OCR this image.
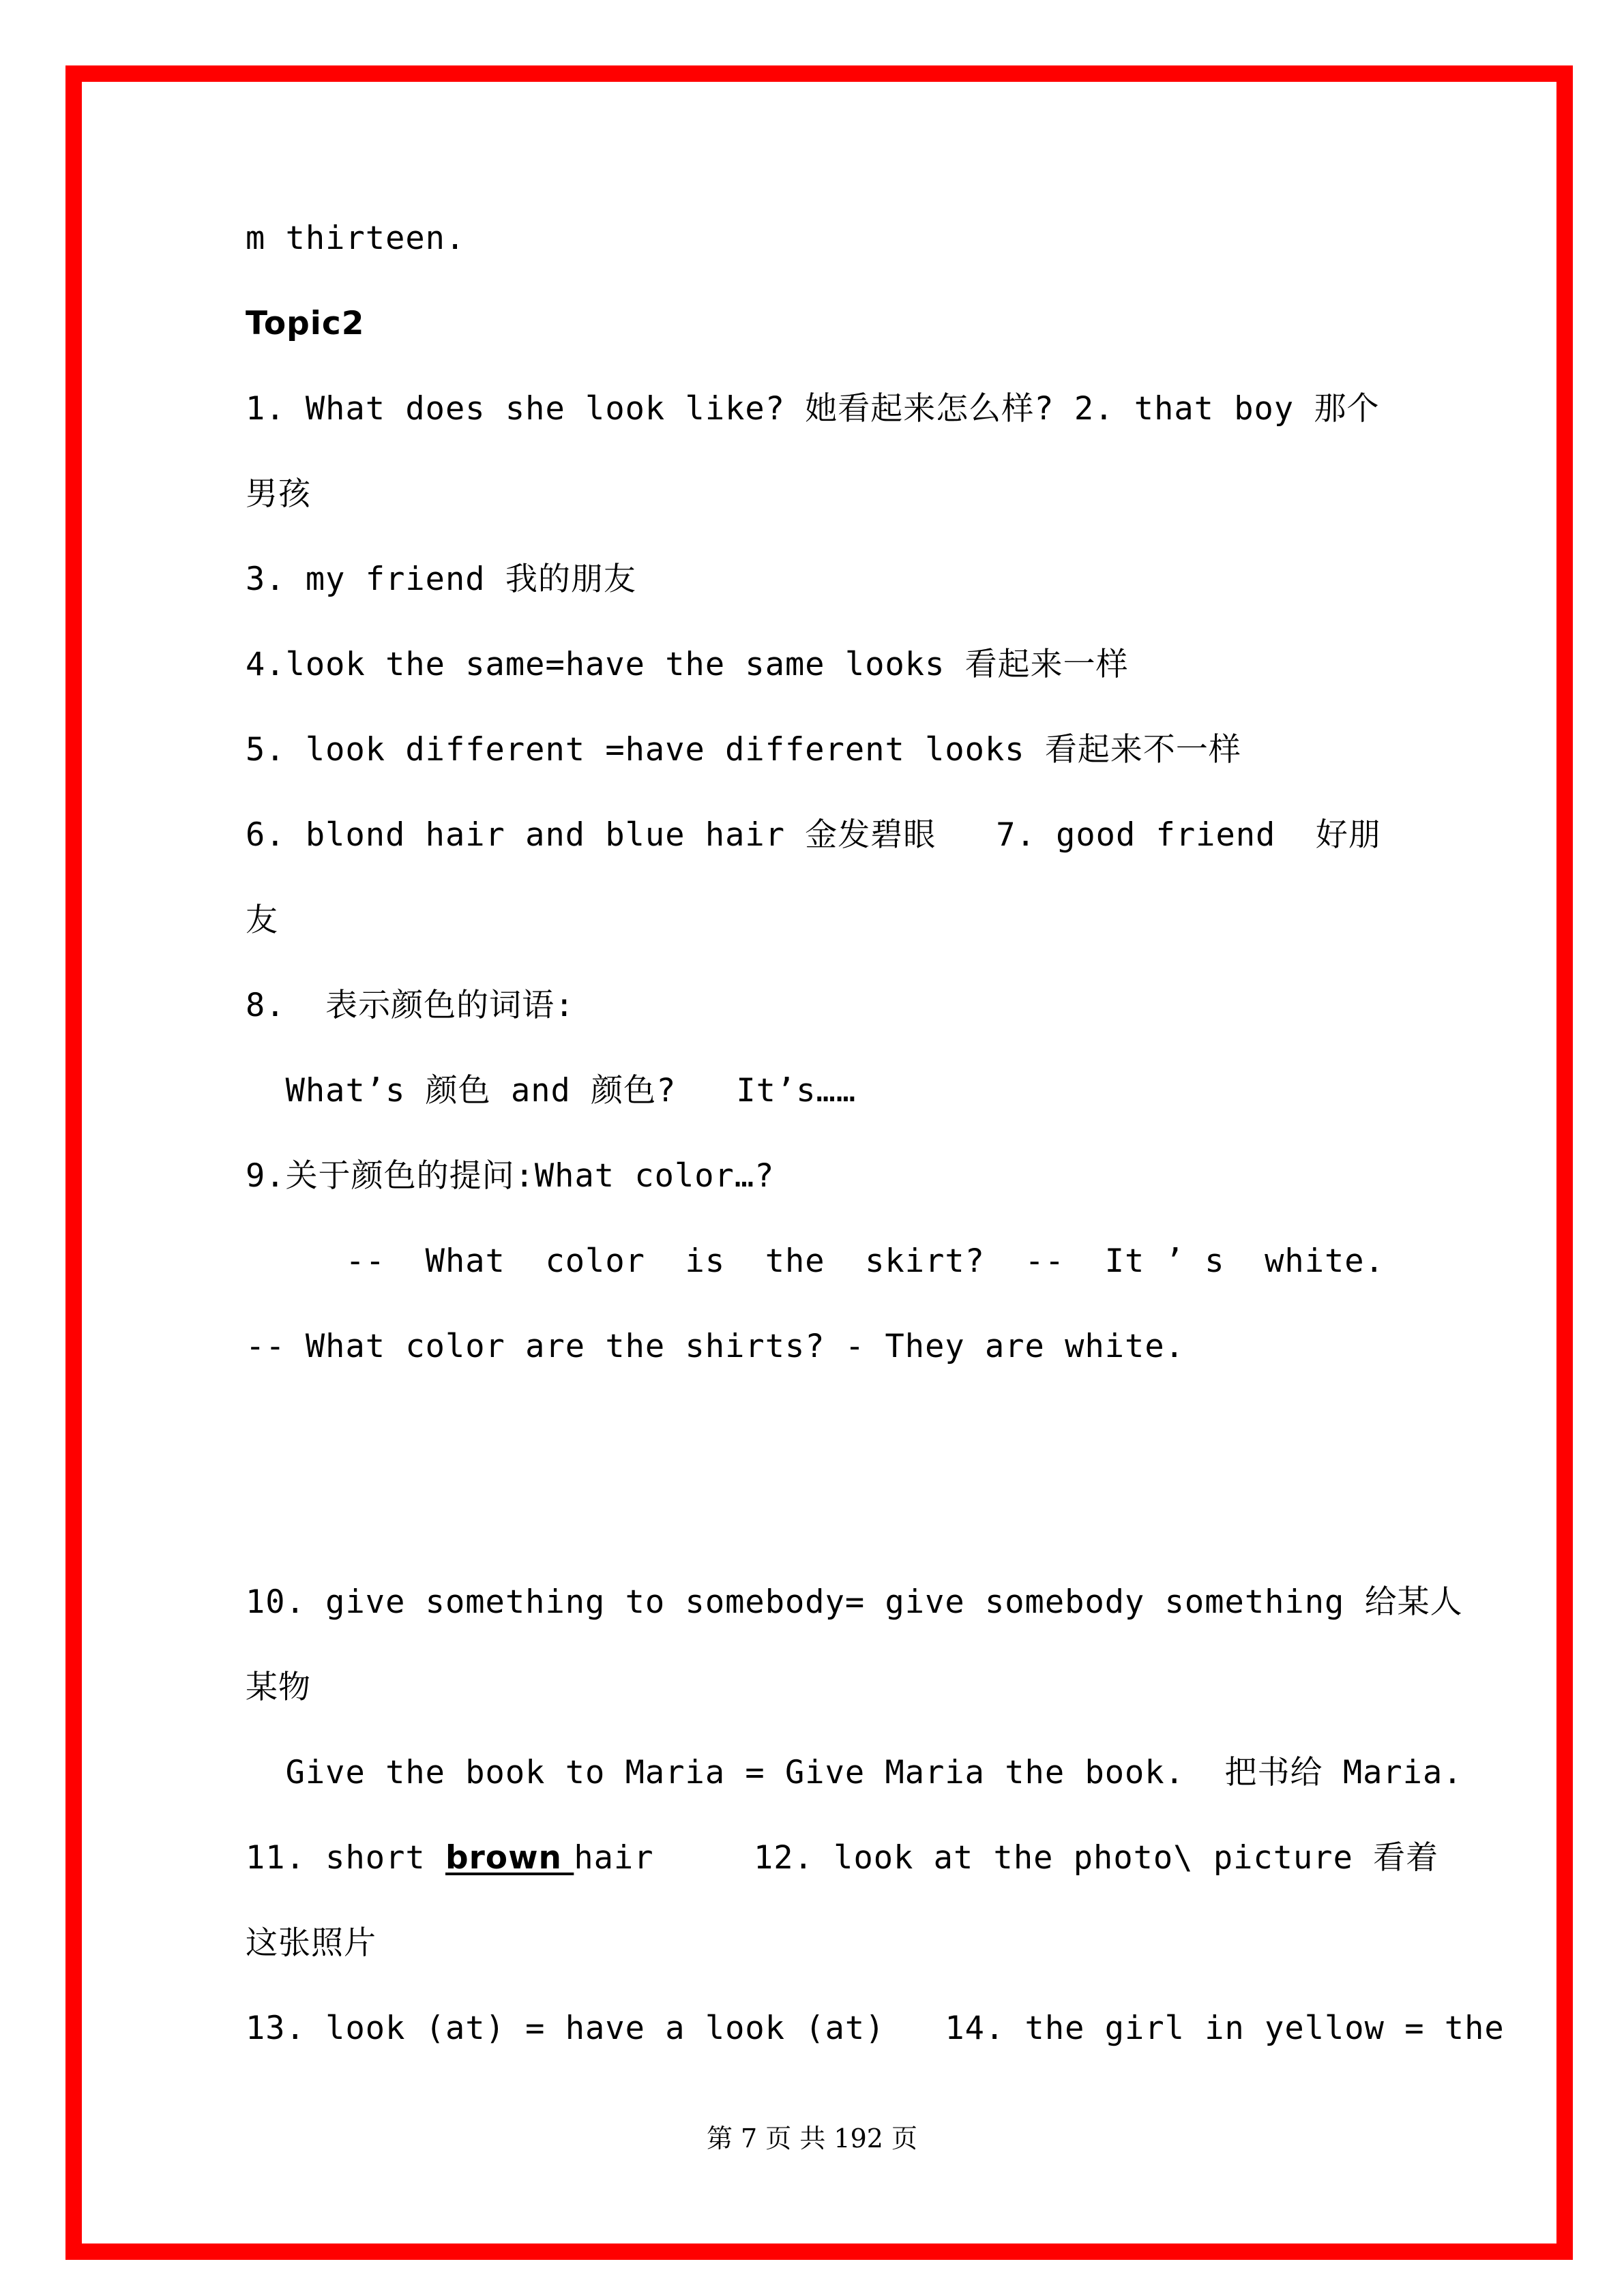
m thirteen.
Topic2
1. What does she look like? 她看起来怎么样? 2. that boy 那个
男孩
3. my friend 我的朋友
4.look the same=have the same looks 看起来一样
5. look different =have different looks 看起来不一样
6. blond hair and blue hair 金发碧眼   7. good friend  好朋
友
8.  表示颜色的词语:
What’s 颜色 and 颜色?   It’s……
9.关于颜色的提问:What color…?
--  What  color  is  the  skirt?  --  It ’ s  white.
-- What color are the shirts? - They are white.
10. give something to somebody= give somebody something 给某人
某物
Give the book to Maria = Give Maria the book.  把书给 Maria.
11. short brown hair     12. look at the photo\ picture 看着
这张照片
13. look (at) = have a look (at)   14. the girl in yellow = the
第 7 页 共 192 页
